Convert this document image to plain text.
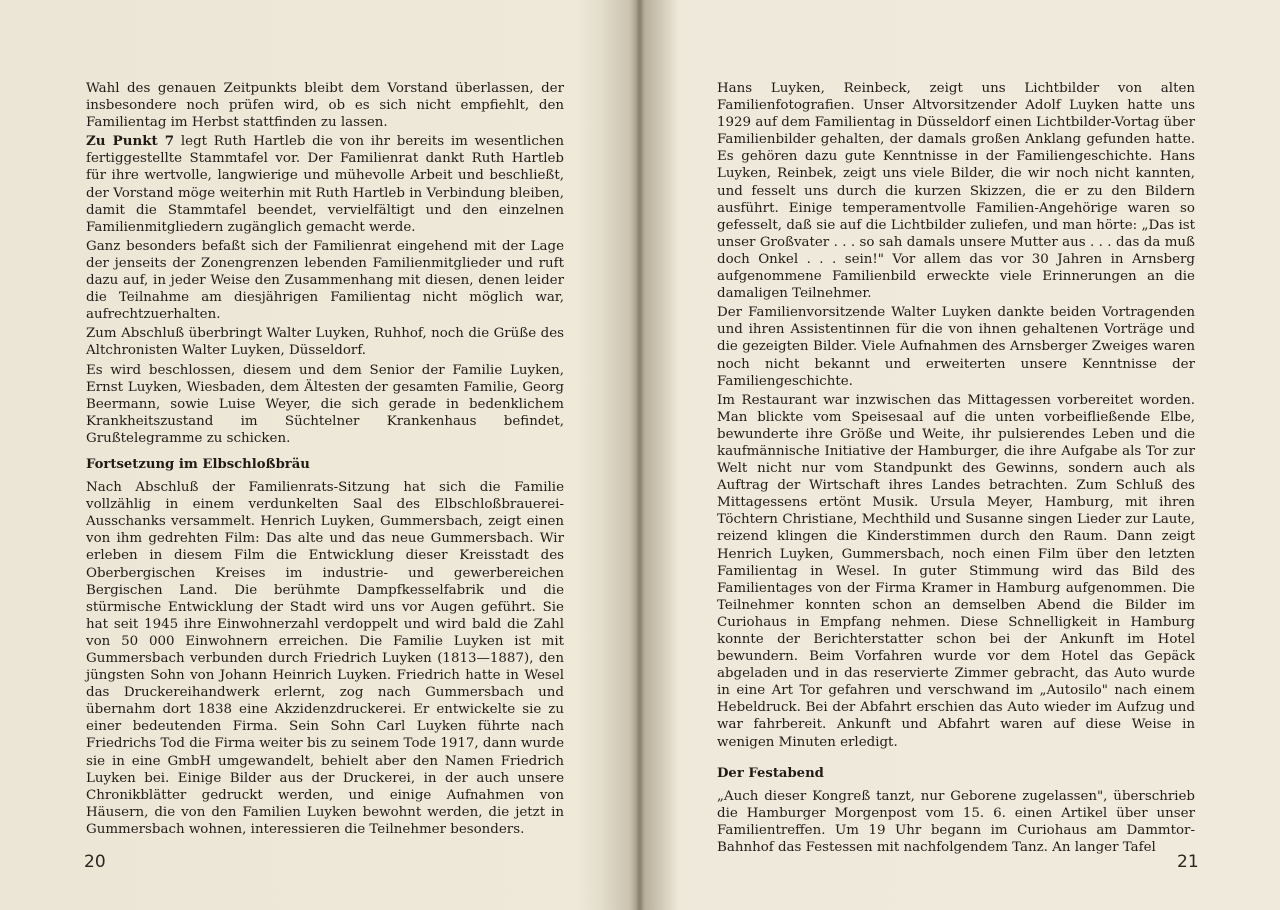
Wahl des genauen Zeitpunkts bleibt dem Vorstand überlassen, der insbesondere noch prüfen wird, ob es sich nicht empfiehlt, den Familientag im Herbst stattfinden zu lassen.

Zu Punkt 7 legt Ruth Hartleb die von ihr bereits im wesentlichen fertiggestellte Stammtafel vor. Der Familienrat dankt Ruth Hartleb für ihre wertvolle, langwierige und mühevolle Arbeit und beschließt, der Vorstand möge weiterhin mit Ruth Hartleb in Verbindung bleiben, damit die Stammtafel beendet, vervielfältigt und den einzelnen Familienmitgliedern zugänglich gemacht werde.

Ganz besonders befaßt sich der Familienrat eingehend mit der Lage der jenseits der Zonengrenzen lebenden Familienmitglieder und ruft dazu auf, in jeder Weise den Zusammenhang mit diesen, denen leider die Teilnahme am diesjährigen Familientag nicht möglich war, aufrechtzuerhalten.

Zum Abschluß überbringt Walter Luyken, Ruhhof, noch die Grüße des Altchronisten Walter Luyken, Düsseldorf.

Es wird beschlossen, diesem und dem Senior der Familie Luyken, Ernst Luyken, Wiesbaden, dem Ältesten der gesamten Familie, Georg Beermann, sowie Luise Weyer, die sich gerade in bedenklichem Krankheitszustand im Süchtelner Krankenhaus befindet, Grußtelegramme zu schicken.

Fortsetzung im Elbschloßbräu

Nach Abschluß der Familienrats-Sitzung hat sich die Familie vollzählig in einem verdunkelten Saal des Elbschloßbrauerei-Ausschanks versammelt. Henrich Luyken, Gummersbach, zeigt einen von ihm gedrehten Film: Das alte und das neue Gummersbach. Wir erleben in diesem Film die Entwicklung dieser Kreisstadt des Oberbergischen Kreises im industrie- und gewerbereichen Bergischen Land. Die berühmte Dampfkesselfabrik und die stürmische Entwicklung der Stadt wird uns vor Augen geführt. Sie hat seit 1945 ihre Einwohnerzahl verdoppelt und wird bald die Zahl von 50 000 Einwohnern erreichen. Die Familie Luyken ist mit Gummersbach verbunden durch Friedrich Luyken (1813—1887), den jüngsten Sohn von Johann Heinrich Luyken. Friedrich hatte in Wesel das Druckereihandwerk erlernt, zog nach Gummersbach und übernahm dort 1838 eine Akzidenzdruckerei. Er entwickelte sie zu einer bedeutenden Firma. Sein Sohn Carl Luyken führte nach Friedrichs Tod die Firma weiter bis zu seinem Tode 1917, dann wurde sie in eine GmbH umgewandelt, behielt aber den Namen Friedrich Luyken bei. Einige Bilder aus der Druckerei, in der auch unsere Chronikblätter gedruckt werden, und einige Aufnahmen von Häusern, die von den Familien Luyken bewohnt werden, die jetzt in Gummersbach wohnen, interessieren die Teilnehmer besonders.

20

Hans Luyken, Reinbeck, zeigt uns Lichtbilder von alten Familienfotografien. Unser Altvorsitzender Adolf Luyken hatte uns 1929 auf dem Familientag in Düsseldorf einen Lichtbilder-Vortag über Familienbilder gehalten, der damals großen Anklang gefunden hatte. Es gehören dazu gute Kenntnisse in der Familiengeschichte. Hans Luyken, Reinbek, zeigt uns viele Bilder, die wir noch nicht kannten, und fesselt uns durch die kurzen Skizzen, die er zu den Bildern ausführt. Einige temperamentvolle Familien-Angehörige waren so gefesselt, daß sie auf die Lichtbilder zuliefen, und man hörte: „Das ist unser Großvater . . . so sah damals unsere Mutter aus . . . das da muß doch Onkel . . . sein!" Vor allem das vor 30 Jahren in Arnsberg aufgenommene Familienbild erweckte viele Erinnerungen an die damaligen Teilnehmer.

Der Familienvorsitzende Walter Luyken dankte beiden Vortragenden und ihren Assistentinnen für die von ihnen gehaltenen Vorträge und die gezeigten Bilder. Viele Aufnahmen des Arnsberger Zweiges waren noch nicht bekannt und erweiterten unsere Kenntnisse der Familiengeschichte.

Im Restaurant war inzwischen das Mittagessen vorbereitet worden. Man blickte vom Speisesaal auf die unten vorbeifließende Elbe, bewunderte ihre Größe und Weite, ihr pulsierendes Leben und die kaufmännische Initiative der Hamburger, die ihre Aufgabe als Tor zur Welt nicht nur vom Standpunkt des Gewinns, sondern auch als Auftrag der Wirtschaft ihres Landes betrachten. Zum Schluß des Mittagessens ertönt Musik. Ursula Meyer, Hamburg, mit ihren Töchtern Christiane, Mechthild und Susanne singen Lieder zur Laute, reizend klingen die Kinderstimmen durch den Raum. Dann zeigt Henrich Luyken, Gummersbach, noch einen Film über den letzten Familientag in Wesel. In guter Stimmung wird das Bild des Familientages von der Firma Kramer in Hamburg aufgenommen. Die Teilnehmer konnten schon an demselben Abend die Bilder im Curiohaus in Empfang nehmen. Diese Schnelligkeit in Hamburg konnte der Berichterstatter schon bei der Ankunft im Hotel bewundern. Beim Vorfahren wurde vor dem Hotel das Gepäck abgeladen und in das reservierte Zimmer gebracht, das Auto wurde in eine Art Tor gefahren und verschwand im „Autosilo" nach einem Hebeldruck. Bei der Abfahrt erschien das Auto wieder im Aufzug und war fahrbereit. Ankunft und Abfahrt waren auf diese Weise in wenigen Minuten erledigt.

Der Festabend

„Auch dieser Kongreß tanzt, nur Geborene zugelassen", überschrieb die Hamburger Morgenpost vom 15. 6. einen Artikel über unser Familientreffen. Um 19 Uhr begann im Curiohaus am Dammtor-Bahnhof das Festessen mit nachfolgendem Tanz. An langer Tafel

21
